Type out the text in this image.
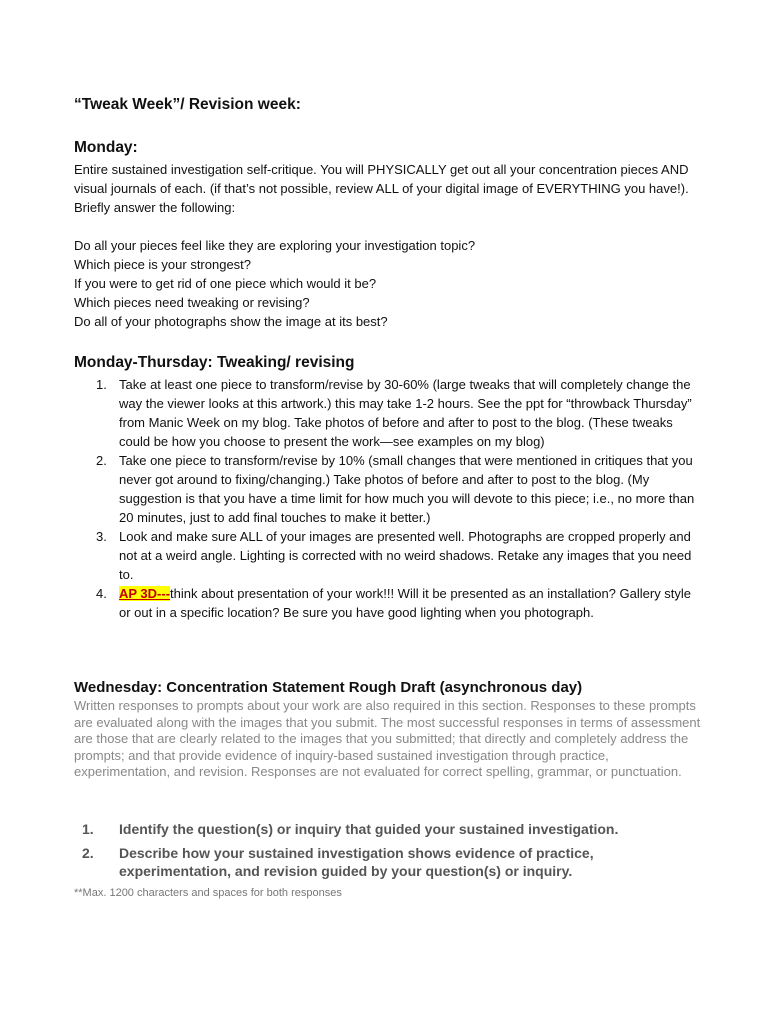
“Tweak Week”/ Revision week:
Monday:

Entire sustained investigation self-critique. You will PHYSICALLY get out all your concentration pieces AND visual journals of each. (if that’s not possible, review ALL of your digital image of EVERYTHING you have!). Briefly answer the following:

Do all your pieces feel like they are exploring your investigation topic?
Which piece is your strongest?
If you were to get rid of one piece which would it be?
Which pieces need tweaking or revising?
Do all of your photographs show the image at its best?
Monday-Thursday: Tweaking/ revising
1. Take at least one piece to transform/revise by 30-60% (large tweaks that will completely change the way the viewer looks at this artwork.) this may take 1-2 hours. See the ppt for “throwback Thursday” from Manic Week on my blog. Take photos of before and after to post to the blog. (These tweaks could be how you choose to present the work—see examples on my blog)
2. Take one piece to transform/revise by 10% (small changes that were mentioned in critiques that you never got around to fixing/changing.) Take photos of before and after to post to the blog. (My suggestion is that you have a time limit for how much you will devote to this piece; i.e., no more than 20 minutes, just to add final touches to make it better.)
3. Look and make sure ALL of your images are presented well. Photographs are cropped properly and not at a weird angle. Lighting is corrected with no weird shadows. Retake any images that you need to.
4. AP 3D---think about presentation of your work!!! Will it be presented as an installation? Gallery style or out in a specific location? Be sure you have good lighting when you photograph.
Wednesday: Concentration Statement Rough Draft (asynchronous day)

Written responses to prompts about your work are also required in this section. Responses to these prompts are evaluated along with the images that you submit. The most successful responses in terms of assessment are those that are clearly related to the images that you submitted; that directly and completely address the prompts; and that provide evidence of inquiry-based sustained investigation through practice, experimentation, and revision. Responses are not evaluated for correct spelling, grammar, or punctuation.

1. Identify the question(s) or inquiry that guided your sustained investigation.
2. Describe how your sustained investigation shows evidence of practice, experimentation, and revision guided by your question(s) or inquiry.

**Max. 1200 characters and spaces for both responses
